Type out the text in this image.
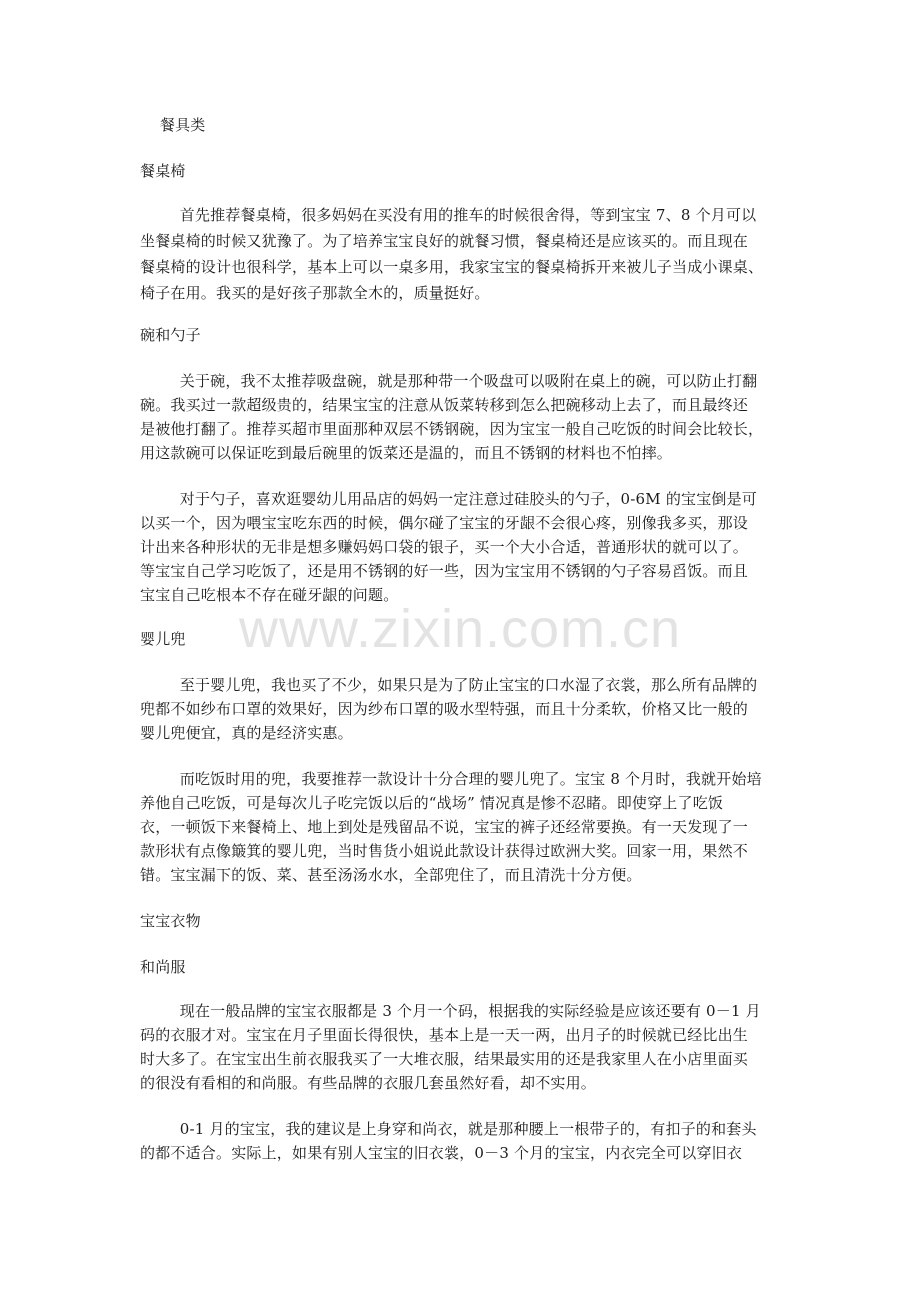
www.zixin.com.cn
餐具类
餐桌椅
首先推荐餐桌椅，很多妈妈在买没有用的推车的时候很舍得，等到宝宝 7、8 个月可以
坐餐桌椅的时候又犹豫了。为了培养宝宝良好的就餐习惯，餐桌椅还是应该买的。而且现在
餐桌椅的设计也很科学，基本上可以一桌多用，我家宝宝的餐桌椅拆开来被儿子当成小课桌、
椅子在用。我买的是好孩子那款全木的，质量挺好。
碗和勺子
关于碗，我不太推荐吸盘碗，就是那种带一个吸盘可以吸附在桌上的碗，可以防止打翻
碗。我买过一款超级贵的，结果宝宝的注意从饭菜转移到怎么把碗移动上去了，而且最终还
是被他打翻了。推荐买超市里面那种双层不锈钢碗，因为宝宝一般自己吃饭的时间会比较长，
用这款碗可以保证吃到最后碗里的饭菜还是温的，而且不锈钢的材料也不怕摔。
对于勺子，喜欢逛婴幼儿用品店的妈妈一定注意过硅胶头的勺子，0-6M 的宝宝倒是可
以买一个，因为喂宝宝吃东西的时候，偶尔碰了宝宝的牙龈不会很心疼，别像我多买，那设
计出来各种形状的无非是想多赚妈妈口袋的银子，买一个大小合适，普通形状的就可以了。
等宝宝自己学习吃饭了，还是用不锈钢的好一些，因为宝宝用不锈钢的勺子容易舀饭。而且
宝宝自己吃根本不存在碰牙龈的问题。
婴儿兜
至于婴儿兜，我也买了不少，如果只是为了防止宝宝的口水湿了衣裳，那么所有品牌的
兜都不如纱布口罩的效果好，因为纱布口罩的吸水型特强，而且十分柔软，价格又比一般的
婴儿兜便宜，真的是经济实惠。
而吃饭时用的兜，我要推荐一款设计十分合理的婴儿兜了。宝宝 8 个月时，我就开始培
养他自己吃饭，可是每次儿子吃完饭以后的“战场” 情况真是惨不忍睹。即使穿上了吃饭
衣，一顿饭下来餐椅上、地上到处是残留品不说，宝宝的裤子还经常要换。有一天发现了一
款形状有点像簸箕的婴儿兜，当时售货小姐说此款设计获得过欧洲大奖。回家一用，果然不
错。宝宝漏下的饭、菜、甚至汤汤水水，全部兜住了，而且清洗十分方便。
宝宝衣物
和尚服
现在一般品牌的宝宝衣服都是 3 个月一个码，根据我的实际经验是应该还要有 0－1 月
码的衣服才对。宝宝在月子里面长得很快，基本上是一天一两，出月子的时候就已经比出生
时大多了。在宝宝出生前衣服我买了一大堆衣服，结果最实用的还是我家里人在小店里面买
的很没有看相的和尚服。有些品牌的衣服几套虽然好看，却不实用。
0-1 月的宝宝，我的建议是上身穿和尚衣，就是那种腰上一根带子的，有扣子的和套头
的都不适合。实际上，如果有别人宝宝的旧衣裳，0－3 个月的宝宝，内衣完全可以穿旧衣
